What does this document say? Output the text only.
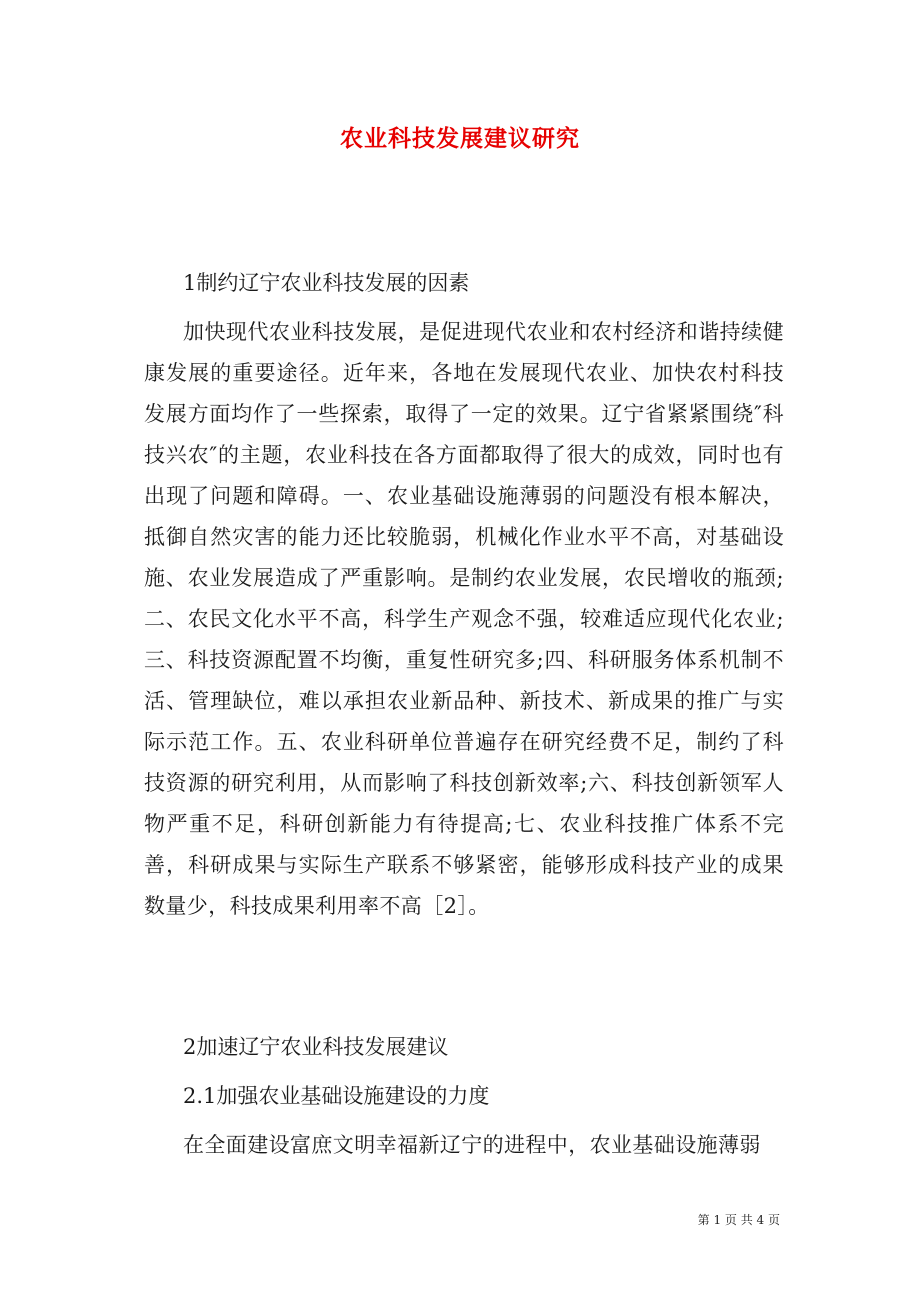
农业科技发展建议研究
1制约辽宁农业科技发展的因素
加快现代农业科技发展，是促进现代农业和农村经济和谐持续健康发展的重要途径。近年来，各地在发展现代农业、加快农村科技发展方面均作了一些探索，取得了一定的效果。辽宁省紧紧围绕″科技兴农″的主题，农业科技在各方面都取得了很大的成效，同时也有出现了问题和障碍。一、农业基础设施薄弱的问题没有根本解决，抵御自然灾害的能力还比较脆弱，机械化作业水平不高，对基础设施、农业发展造成了严重影响。是制约农业发展，农民增收的瓶颈;二、农民文化水平不高，科学生产观念不强，较难适应现代化农业;三、科技资源配置不均衡，重复性研究多;四、科研服务体系机制不活、管理缺位，难以承担农业新品种、新技术、新成果的推广与实际示范工作。五、农业科研单位普遍存在研究经费不足，制约了科技资源的研究利用，从而影响了科技创新效率;六、科技创新领军人物严重不足，科研创新能力有待提高;七、农业科技推广体系不完善，科研成果与实际生产联系不够紧密，能够形成科技产业的成果数量少，科技成果利用率不高［2］。
2加速辽宁农业科技发展建议
2.1加强农业基础设施建设的力度
在全面建设富庶文明幸福新辽宁的进程中，农业基础设施薄弱
第 1 页 共 4 页
